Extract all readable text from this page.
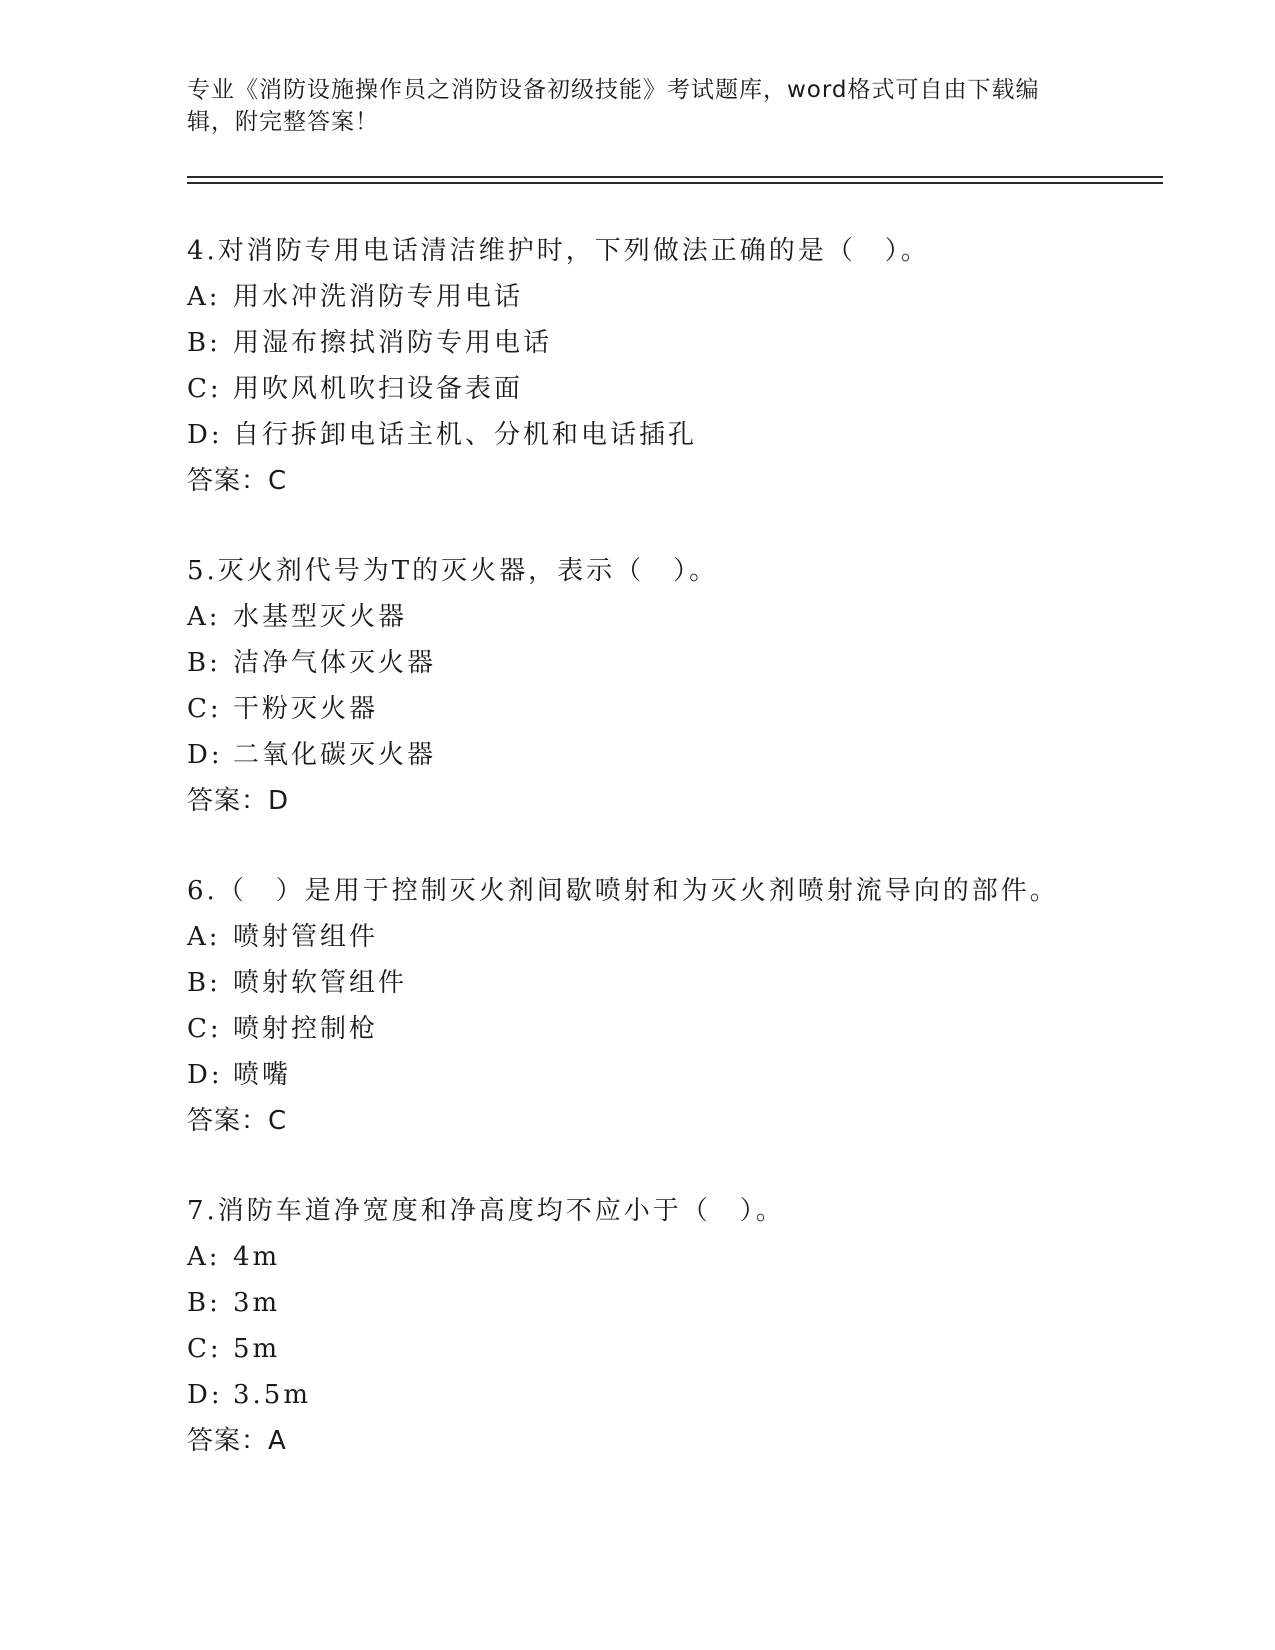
专业《消防设施操作员之消防设备初级技能》考试题库，word格式可自由下载编辑，附完整答案！
4.对消防专用电话清洁维护时，下列做法正确的是（　）。
A: 用水冲洗消防专用电话
B: 用湿布擦拭消防专用电话
C: 用吹风机吹扫设备表面
D: 自行拆卸电话主机、分机和电话插孔
答案：C
5.灭火剂代号为T的灭火器，表示（　）。
A: 水基型灭火器
B: 洁净气体灭火器
C: 干粉灭火器
D: 二氧化碳灭火器
答案：D
6.（　）是用于控制灭火剂间歇喷射和为灭火剂喷射流导向的部件。
A: 喷射管组件
B: 喷射软管组件
C: 喷射控制枪
D: 喷嘴
答案：C
7.消防车道净宽度和净高度均不应小于（　）。
A: 4m
B: 3m
C: 5m
D: 3.5m
答案：A
